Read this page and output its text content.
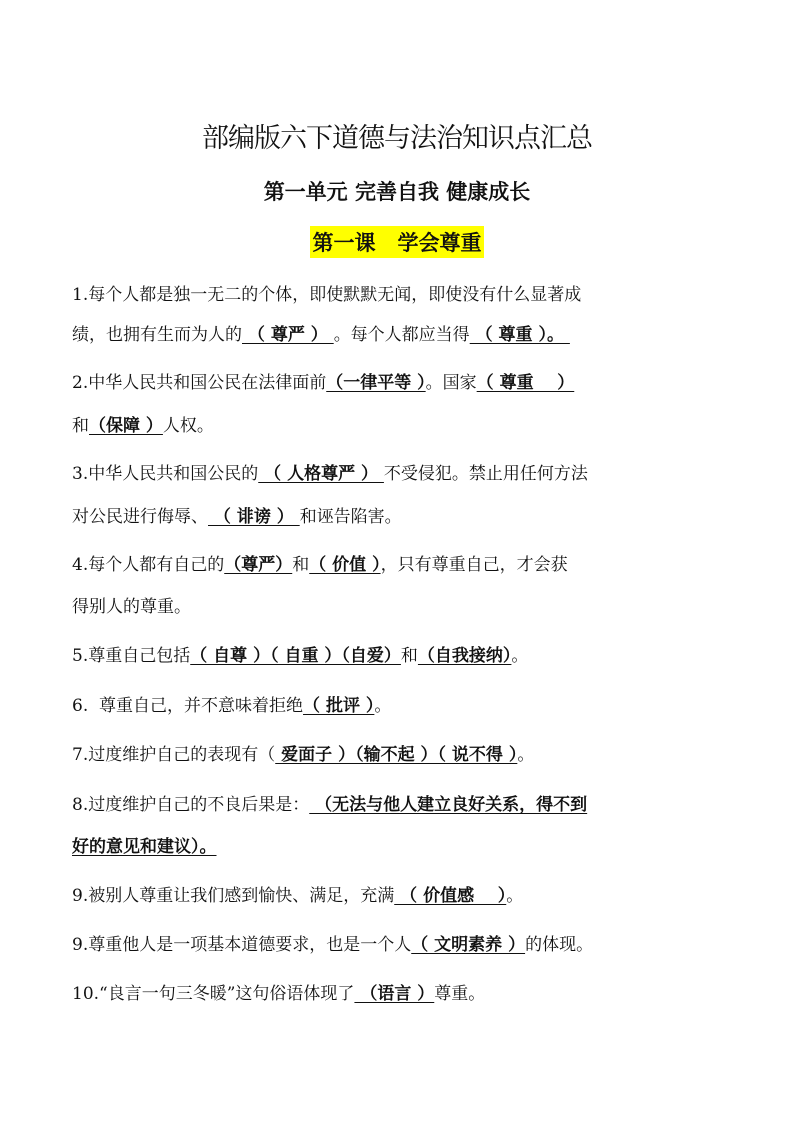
部编版六下道德与法治知识点汇总
第一单元 完善自我 健康成长
第一课   学会尊重
1.每个人都是独一无二的个体，即使默默无闻，即使没有什么显著成
绩，也拥有生而为人的 （ 尊严 ） 。每个人都应当得 （ 尊重 ）。
2.中华人民共和国公民在法律面前（一律平等 ）。国家（ 尊重    ）
和（保障 ）人权。
3.中华人民共和国公民的 （ 人格尊严 ） 不受侵犯。禁止用任何方法
对公民进行侮辱、 （ 诽谤 ） 和诬告陷害。
4.每个人都有自己的（尊严）和（ 价值 ），只有尊重自己，才会获
得别人的尊重。
5.尊重自己包括（ 自尊 ）（ 自重 ）（自爱）和（自我接纳）。
6.  尊重自己，并不意味着拒绝（ 批评 ）。
7.过度维护自己的表现有（ 爱面子 ）（输不起 ）（ 说不得 ）。
8.过度维护自己的不良后果是： （无法与他人建立良好关系，得不到
好的意见和建议）。
9.被别人尊重让我们感到愉快、满足，充满 （ 价值感    ）。
9.尊重他人是一项基本道德要求，也是一个人（ 文明素养 ）的体现。
10.“良言一句三冬暖”这句俗语体现了 （语言 ）尊重。
